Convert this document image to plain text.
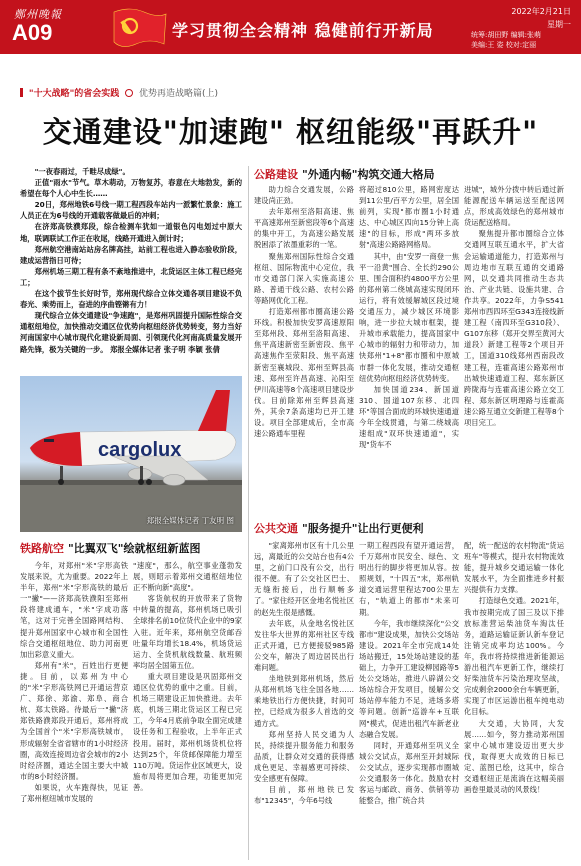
鄭州晚報
A09	学习贯彻全会精神 稳健前行开新局
2022年2月21日
星期一
统筹:胡田野 编辑:张萌
美编:王 姿 校对:定丽
"十大战略"的省会实践 优势再造战略篇(上)
交通建设"加速跑" 枢纽能级"再跃升"

"一夜春雨过，千畦尽成绿"。

正值"雨水"节气。草木萌动，万物复苏，春意在大地勃发，新的希望在每个人心中生长……

20日，郑州地铁6号线一期工程西段车站内一派繁忙景象：施工人员正在为6号线的开通载客做最后的冲刺；

在济郑高铁濮郑段，综合检测车犹如一道银色闪电划过中原大地，联调联试工作正在收尾，线路开通进入倒计时；

郑州航空港南站站房名牌高挂，站前工程也进入静态验收阶段，建成运营指日可待；

郑州机场三期工程有条不紊地推进中，北货运区主体工程已经完工；

在这个拔节生长好时节，郑州现代综合立体交通各项目建设不负春光、乘势而上，奋进的序曲铿锵有力！

现代综合立体交通建设"争速跑"，是郑州巩固提升国际性综合交通枢纽地位，加快推动交通区位优势向枢纽经济优势转变，努力当好河南国家中心城市现代化建设新局面、引领现代化河南高质量发展开路先锋，极为关键的一步。 郑报全媒体记者 张子明 李颖 张倩

cargolux
郑报全媒体记者 丁友明 图
铁路航空 "比翼双飞"绘就枢纽新蓝图

今年，对郑州"米"字形高铁发展来说，尤为重要。2022年上半年，郑州"米"字形高铁的最后一"撇"——济郑高铁濮阳至郑州段将建成通车，"米"字成功落笔，这对于完善全国路网结构、提升郑州国家中心城市和全国性综合交通枢纽地位、助力河南更加出彩意义重大。

郑州有"米"，百姓出行更便捷。目前，以郑州为中心的"米"字形高铁网已开通运营京广、郑徐、郑渝、郑阜、商合杭、郑太铁路。待最后一"撇"济郑铁路濮郑段开通后，郑州将成为全国首个"米"字形高铁城市，形成辐射全省省辖市的1小时经济圈，高效连接周边省会城市的2小时经济圈，通达全国主要大中城市的8小时经济圈。

如果说，火车跑得快，见证了郑州枢纽城市发展的

"速度"，那么，航空事业蓬勃发展，则昭示着郑州交通枢纽地位正不断向新"高度"。

客货航权的开放带来了货物中转量的提高，郑州机场已吸引全球排名前10位货代企业中的9家入驻。近年来，郑州航空货邮吞吐量年均增长18.4%，机场货运运力、全货机航线数量、航班频率均居全国第五位。

重大项目建设是巩固郑州交通区位优势的重中之重。目前，机场三期建设正加快推进。去年底，机场三期北货运区工程已完工，今年4月底前争取全面完成建设任务和工程验收，上半年正式投用。届时，郑州机场货机位将达到25个，年货邮保障能力增至110万吨。货运作业区域更大，设施布局将更加合理，功能更加完善。

公路建设 "外通内畅"构筑交通大格局

助力综合交通发展，公路建设尚正劲。

去年郑州至洛阳高速、焦平高速郑州至新密段等6个高速的集中开工，为高速公路发展脱困添了浓墨重彩的一笔。

聚焦郑州国际性综合交通枢纽、国际物流中心定位，我市交通部门深入实施高速公路、普通干线公路、农村公路等路网优化工程。

打造郑州都市圈高速公路环线。积极加快安罗高速原阳至郑州段、郑州至洛阳高速、焦平高速新密至新密段、焦平高速焦作至荥阳段、焦平高速新密至襄城段、郑州至辉县高速、郑州至许昌高速、沁阳至伊川高速等8个高速项目建设步伐。目前除郑州至辉县高速外，其余7条高速均已开工建设。项目全部建成后，全市高速公路通车里程

将超过810公里，路网密度达到11公里/百平方公里，居全国前列，实现"都市圈1小时通达、中心城区四向15分钟上高速"的目标，形成"两环多放射"高速公路路网格局。

其中，由"安罗一商登一焦平一沿黄"围合、全长约290公里、围合面积约4800平方公里的郑州第二绕城高速实现闭环运行，将有效缓解城区段过境交通压力，减少城区环境影响，进一步拉大城市框架，提升城市承载能力，提高国家中心城市的辐射力和带动力，加快郑州"1+8"都市圈和中原城市群一体化发展，推动交通枢纽优势向枢纽经济优势转变。

加快国道234、新国道310、国道107东移、北四环"等国合面成的环城快速通道今年全线贯通，与第二绕城高速组成"双环快速通道"，实现"货车不

进城"，城外分拨中转后通过新能源配送车辆运送至配送网点，形成高效绿色的郑州城市货运配送格局。

聚焦提升都市圈综合立体交通网互联互通水平，扩大省会运输通道能力，打造郑州与周边地市互联互通的交通路网，以交通共同推动生态共治、产业共链、设施共建、合作共享。2022年，力争S541郑州市西四环至G343连接线新建工程（南四环至G310段）、G107东移（郑开交界至黄河大道段）新建工程等2个项目开工，国道310线郑州西南段改建工程，连霍高速公路郑州市出城快速通道工程、郑东新区跨陇海与连霍高速公路立交工程、郑东新区明理路与连霍高速公路互通立交新建工程等8个项目完工。

公共交通 "服务提升"让出行更便利

"家离郑州市区有十几公里远，离最近的公交站台也有4公里，之前门口没有公交，出行很不便。有了公交社区巴士、无缝衔接后，出行顺畅多了。"家住经开区金地名悦社区的赵先生很是感慨。

去年底，从金地名悦社区发往华大世界的郑州社区专线正式开通，已方便接驳985路公交车，解决了周边居民出行难问题。

坐地铁到郑州机场，然后从郑州机场飞往全国各地……乘地铁出行方便快捷，时间可控，已经成为很多人首选的交通方式。

郑州坚持人民交通为人民，持续提升服务能力和服务品质，让群众对交通的获得感成色更足、幸福感更可持续、安全感更有保障。

目前，郑州地铁已发布"12345"，今年6号线

一期工程西段有望开通运营，千万郑州市民安全、绿色、文明出行的脚步将更加从容。按照规划，"十四五"末，郑州轨道交通运营里程达700公里左右，"轨道上的都市"未来可期。

今年，我市继续深化"公交都市"建设成果，加快公交场站建设。2021年全市完成14处场站搬迁，15处场站建设的基础上，力争开工建设柳园路等5处公交场站，推进八辟湖公交场站综合开发项目，缓解公交场站停车能力不足，进场多塔等问题。创新"巡游车+互联网"模式，促进出租汽车新老业态融合发展。

同时，开通郑州至巩义全城公交试点，郑州至开封城际公交试点，逐步实现都市圈城公交通服务一体化。鼓励农村客运与邮政、商务、供销等功能整合，推广统合共

配，统一配送的农村物流"货运班车"等模式，提升农村物流效能，提升城乡交通运输一体化发展水平，为全面推进乡村振兴提供有力支撑。

打造绿色交通。2021年，我市按期完成了国三及以下排放标准营运柴油货车淘汰任务，道路运输证新认新车登记注销完成率均达100%。今年，我市将持续推进新能源运游出租汽车更新工作，继续打好柴油货车污染治理攻坚战，完成剩余2000余台车辆更新，实现了市区运游出租车纯电动化目标。

大交通，大协同，大发展……如今，努力推动郑州国家中心城市建设迈出更大步伐，取得更大成效的日标已定、蓝图已绘，这其中，综合交通枢纽正是流淌在这幅美丽画卷里最灵动的风景线！
